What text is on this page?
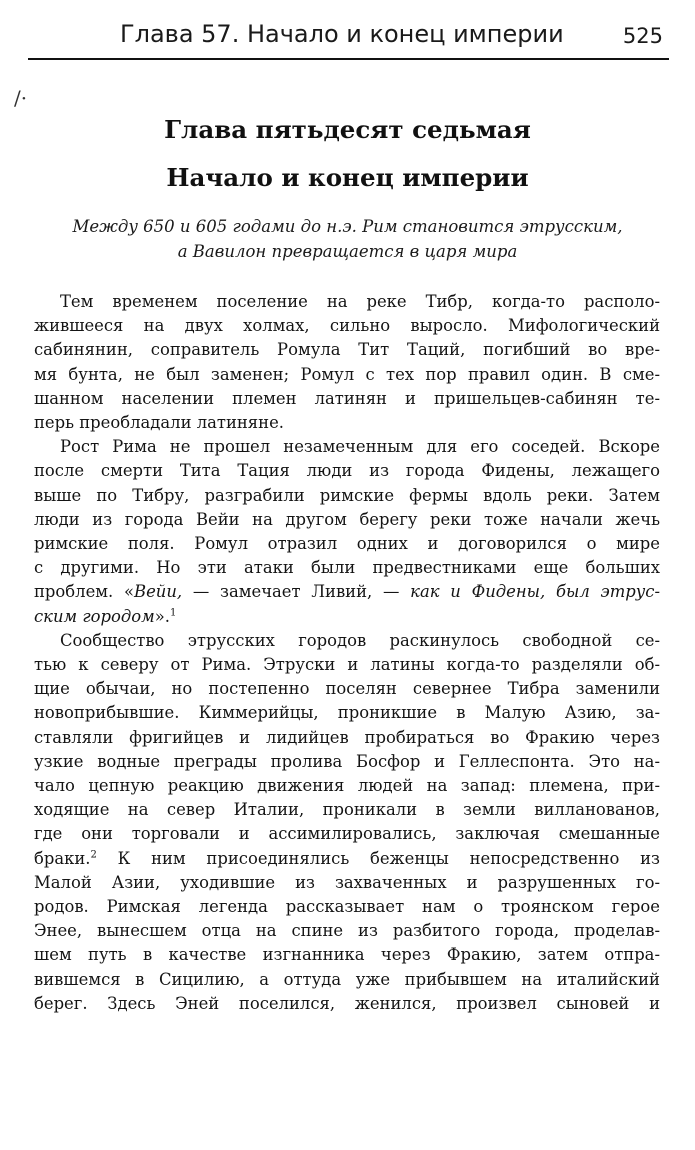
Глава 57. Начало и конец империи	525
/·
Глава пятьдесят седьмая
Начало и конец империи
Между 650 и 605 годами до н.э. Рим становится этрусским,
а Вавилон превращается в царя мира
Тем временем поселение на реке Тибр, когда-то располо-
жившееся на двух холмах, сильно выросло. Мифологический
сабинянин, соправитель Ромула Тит Таций, погибший во вре-
мя бунта, не был заменен; Ромул с тех пор правил один. В сме-
шанном населении племен латинян и пришельцев-сабинян те-
перь преобладали латиняне.
Рост Рима не прошел незамеченным для его соседей. Вскоре
после смерти Тита Тация люди из города Фидены, лежащего
выше по Тибру, разграбили римские фермы вдоль реки. Затем
люди из города Вейи на другом берегу реки тоже начали жечь
римские поля. Ромул отразил одних и договорился о мире
с другими. Но эти атаки были предвестниками еще больших
проблем. «Вейи, — замечает Ливий, — как и Фидены, был этрус-
ским городом».$^1$
Сообщество этрусских городов раскинулось свободной се-
тью к северу от Рима. Этруски и латины когда-то разделяли об-
щие обычаи, но постепенно поселян севернее Тибра заменили
новоприбывшие. Киммерийцы, проникшие в Малую Азию, за-
ставляли фригийцев и лидийцев пробираться во Фракию через
узкие водные преграды пролива Босфор и Геллеспонта. Это на-
чало цепную реакцию движения людей на запад: племена, при-
ходящие на север Италии, проникали в земли виллановaнов,
где они торговали и ассимилировались, заключая смешанные
браки.$^2$ К ним присоединялись беженцы непосредственно из
Малой Азии, уходившие из захваченных и разрушенных го-
родов. Римская легенда рассказывает нам о троянском герое
Энее, вынесшем отца на спине из разбитого города, проделав-
шем путь в качестве изгнанника через Фракию, затем отпра-
вившемся в Сицилию, а оттуда уже прибывшем на италийский
берег. Здесь Эней поселился, женился, произвел сыновей и
